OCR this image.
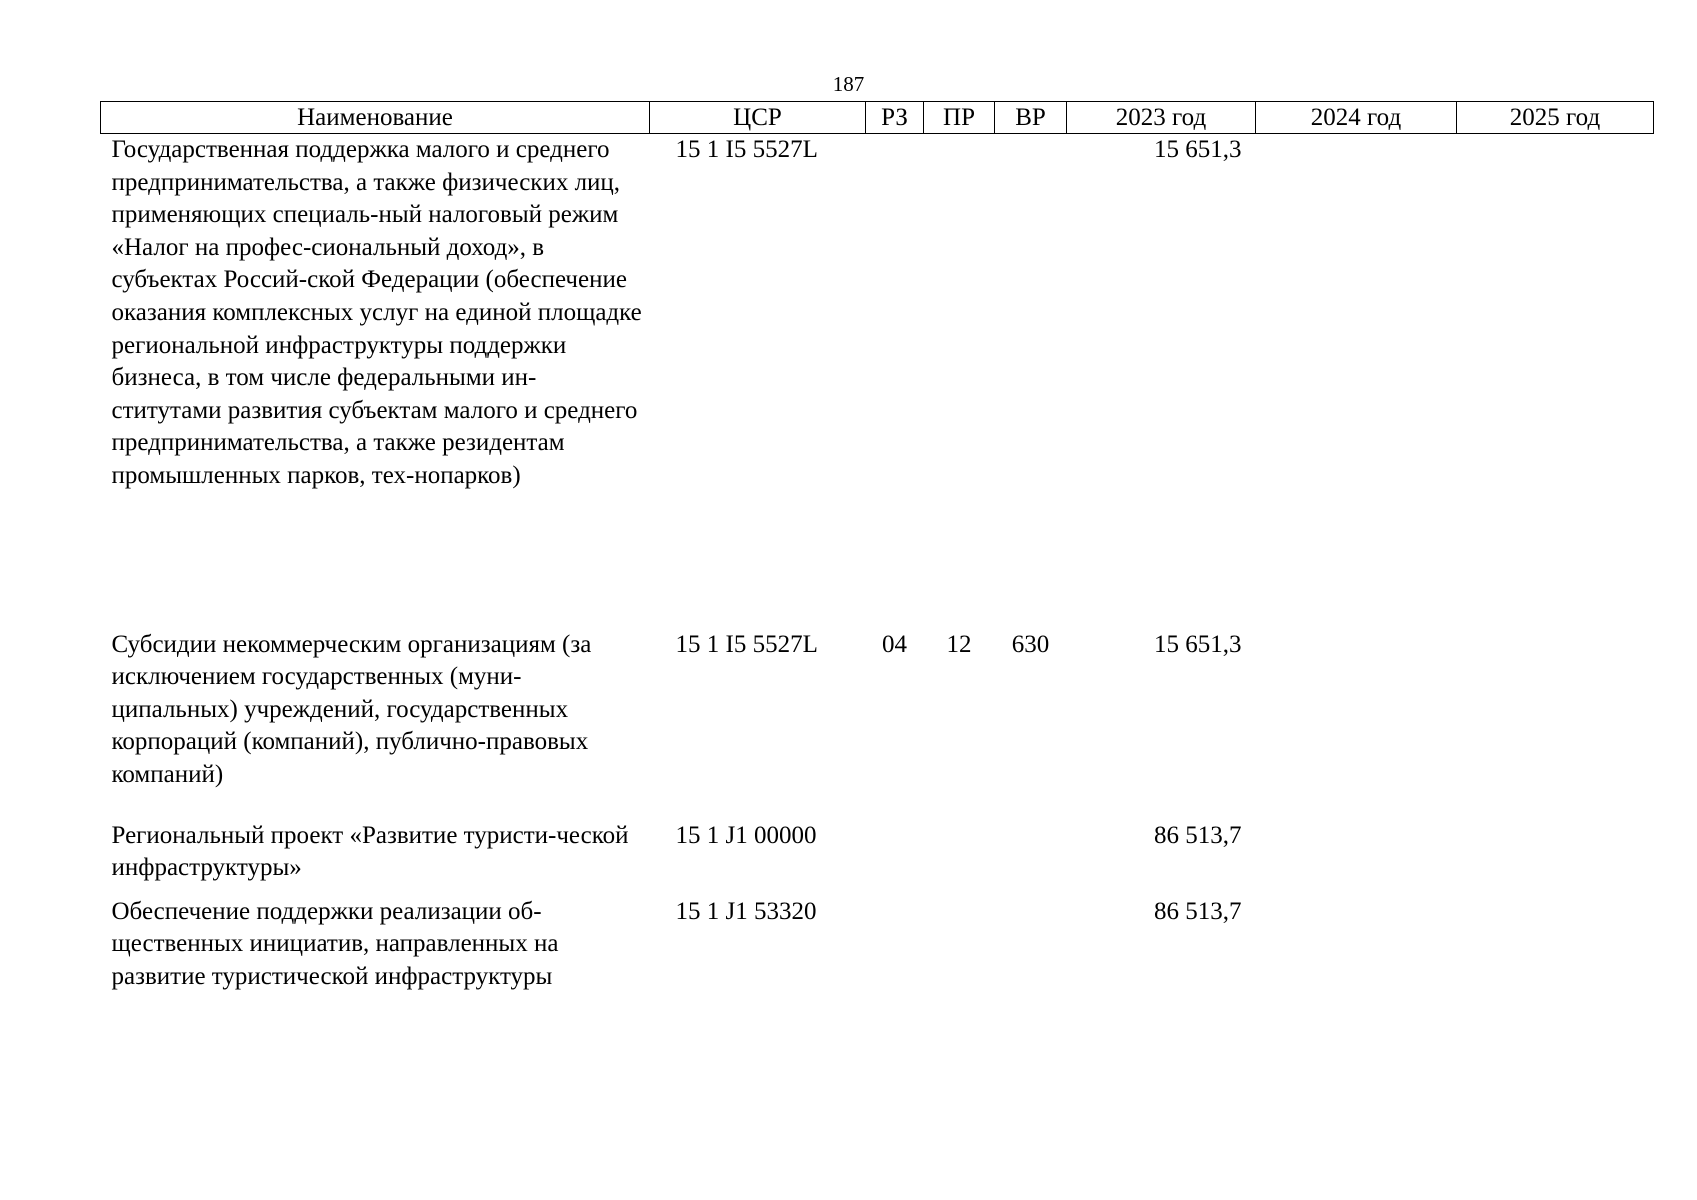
187
Наименование	ЦСР	РЗ	ПР	ВР	2023 год	2024 год	2025 год
Государственная поддержка малого и среднего предпринимательства, а также физических лиц, применяющих специаль-ный налоговый режим «Налог на профес-сиональный доход», в субъектах Россий-ской Федерации (обеспечение оказания комплексных услуг на единой площадке региональной инфраструктуры поддержки бизнеса, в том числе федеральными ин-ститутами развития субъектам малого и среднего предпринимательства, а также резидентам промышленных парков, тех-нопарков)	15 1 I5 5527L				15 651,3		
Субсидии некоммерческим организациям (за исключением государственных (муни-ципальных) учреждений, государственных корпораций (компаний), публично-правовых компаний)	15 1 I5 5527L	04	12	630	15 651,3		
Региональный проект «Развитие туристи-ческой инфраструктуры»	15 1 J1 00000				86 513,7		
Обеспечение поддержки реализации об-щественных инициатив, направленных на развитие туристической инфраструктуры	15 1 J1 53320				86 513,7		
